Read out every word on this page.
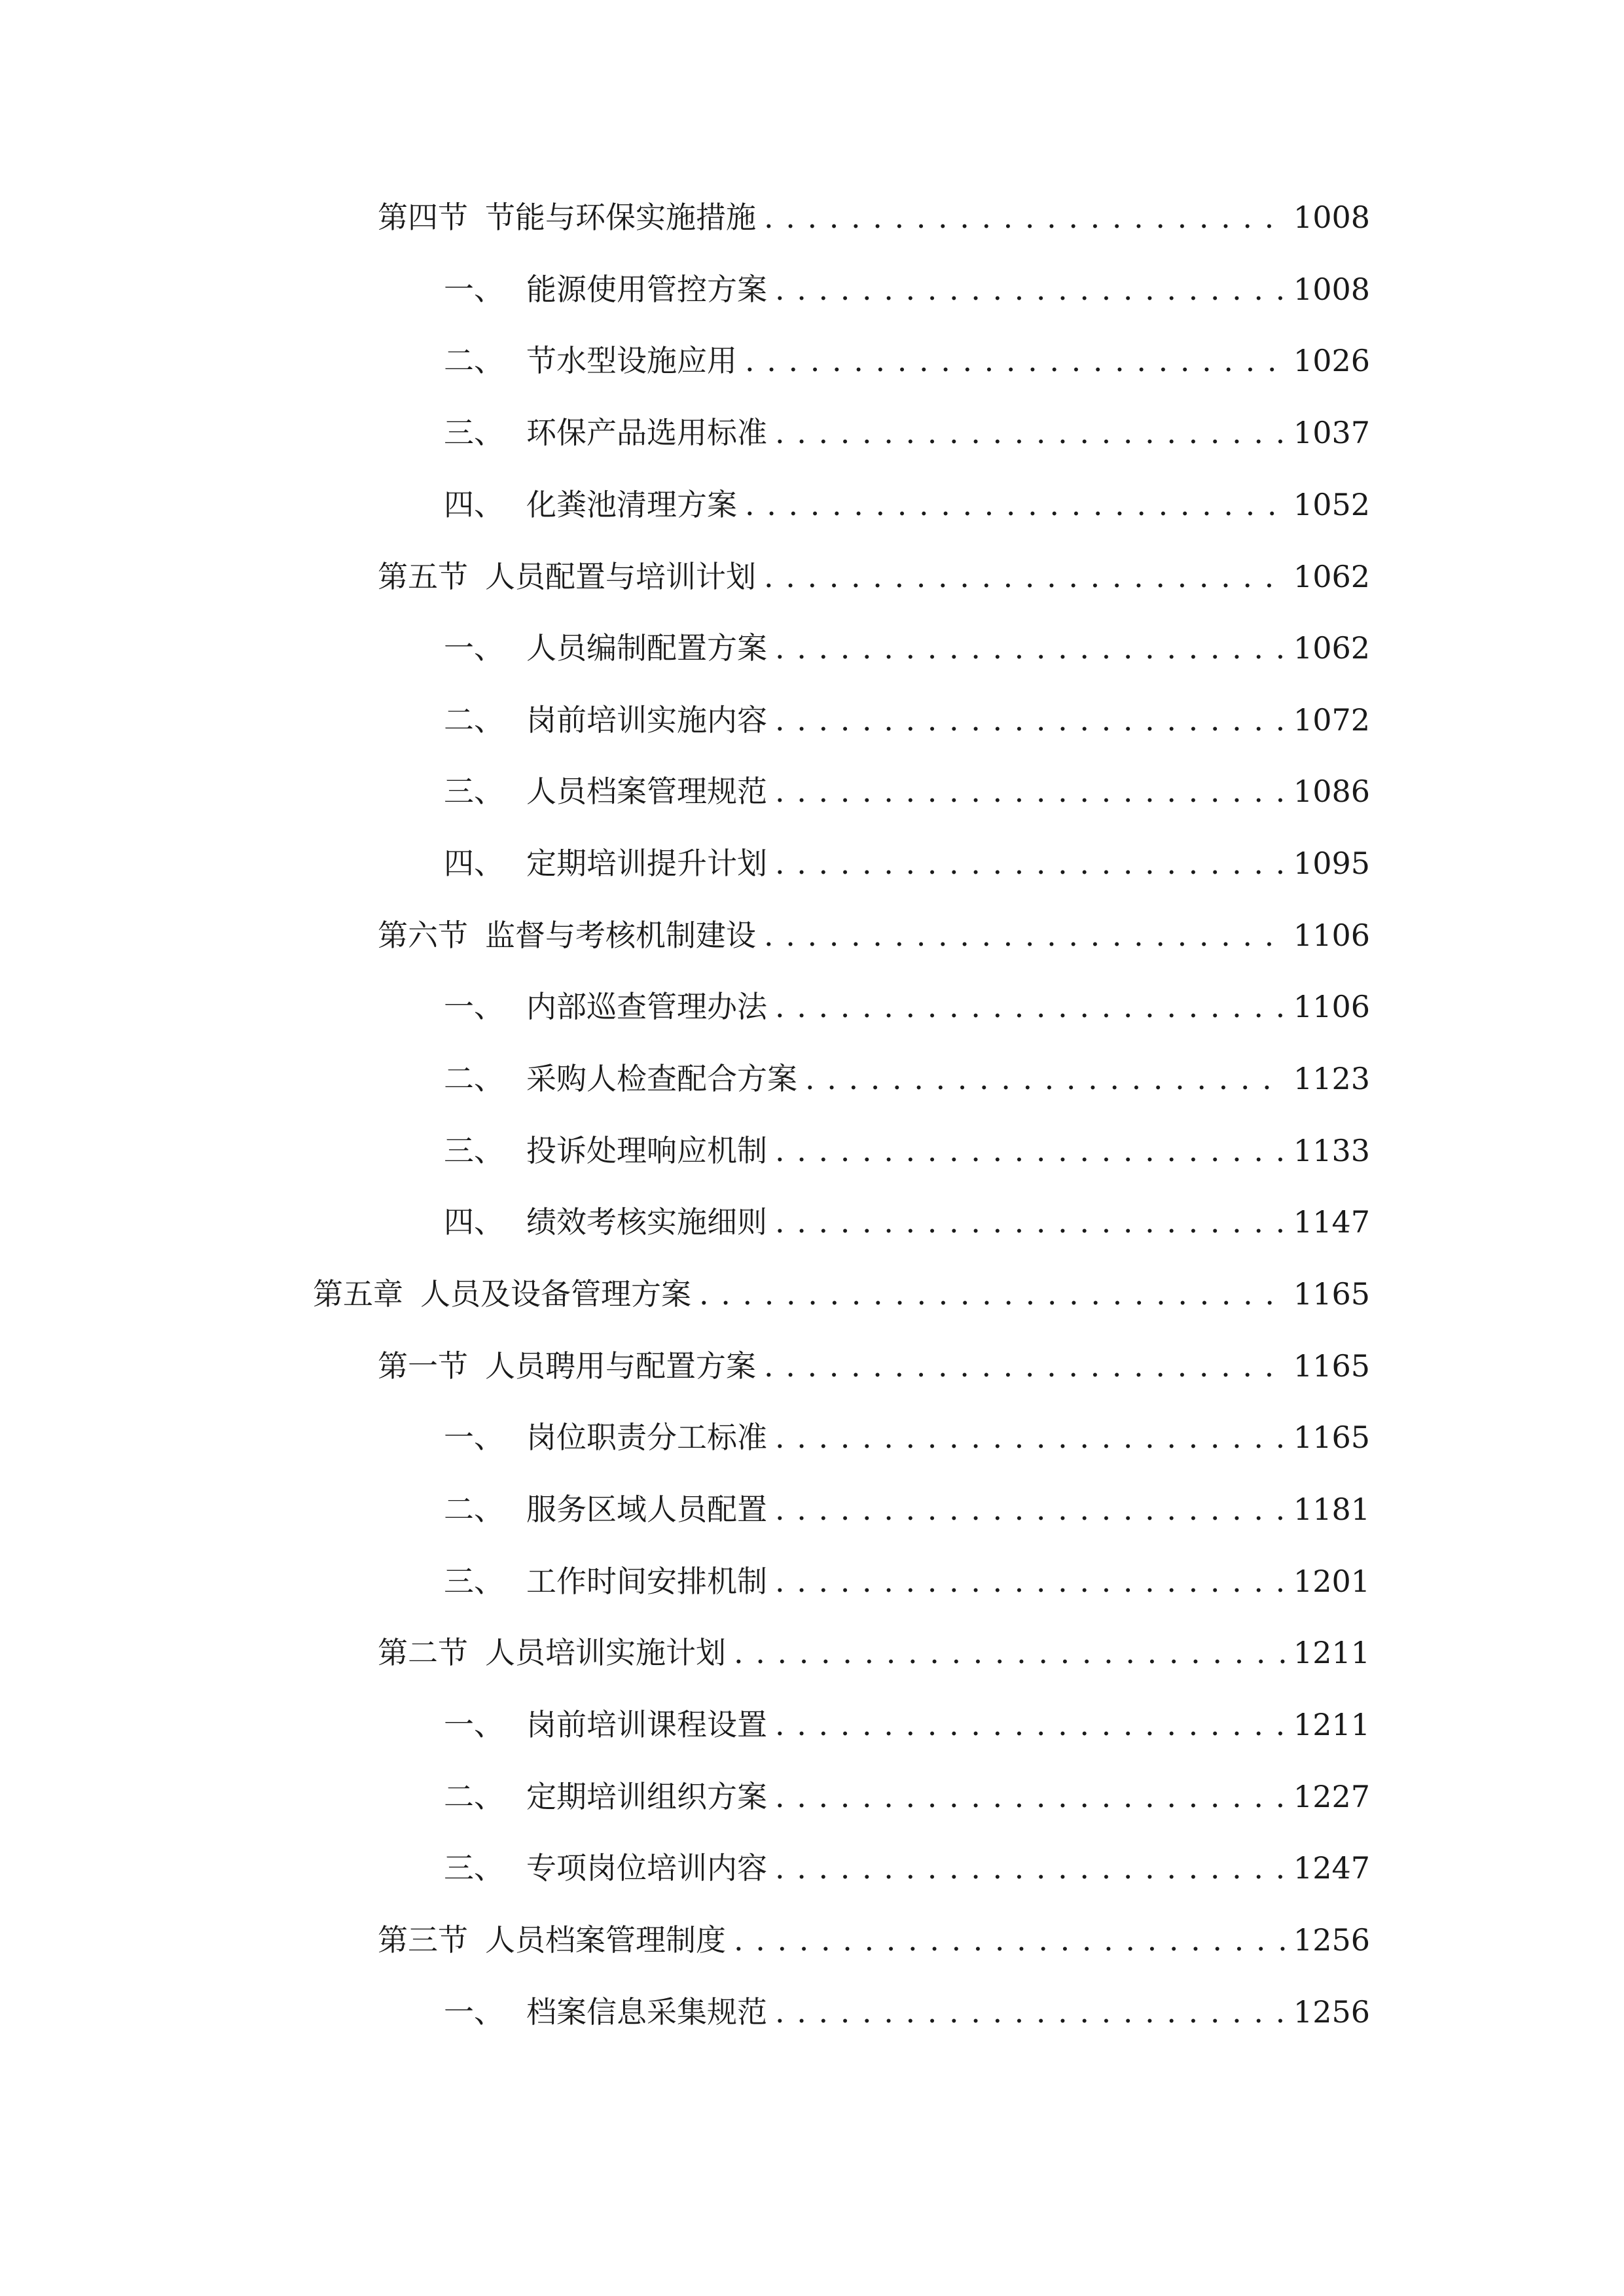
第四节 节能与环保实施措施 . . .	1008
一、 能源使用管控方案 . . .	1008
二、 节水型设施应用 . . .	1026
三、 环保产品选用标准 . . .	1037
四、 化粪池清理方案 . . .	1052
第五节 人员配置与培训计划 . . .	1062
一、 人员编制配置方案 . . .	1062
二、 岗前培训实施内容 . . .	1072
三、 人员档案管理规范 . . .	1086
四、 定期培训提升计划 . . .	1095
第六节 监督与考核机制建设 . . .	1106
一、 内部巡查管理办法 . . .	1106
二、 采购人检查配合方案 . . .	1123
三、 投诉处理响应机制 . . .	1133
四、 绩效考核实施细则 . . .	1147
第五章 人员及设备管理方案 . . .	1165
第一节 人员聘用与配置方案 . . .	1165
一、 岗位职责分工标准 . . .	1165
二、 服务区域人员配置 . . .	1181
三、 工作时间安排机制 . . .	1201
第二节 人员培训实施计划 . . .	1211
一、 岗前培训课程设置 . . .	1211
二、 定期培训组织方案 . . .	1227
三、 专项岗位培训内容 . . .	1247
第三节 人员档案管理制度 . . .	1256
一、 档案信息采集规范 . . .	1256
